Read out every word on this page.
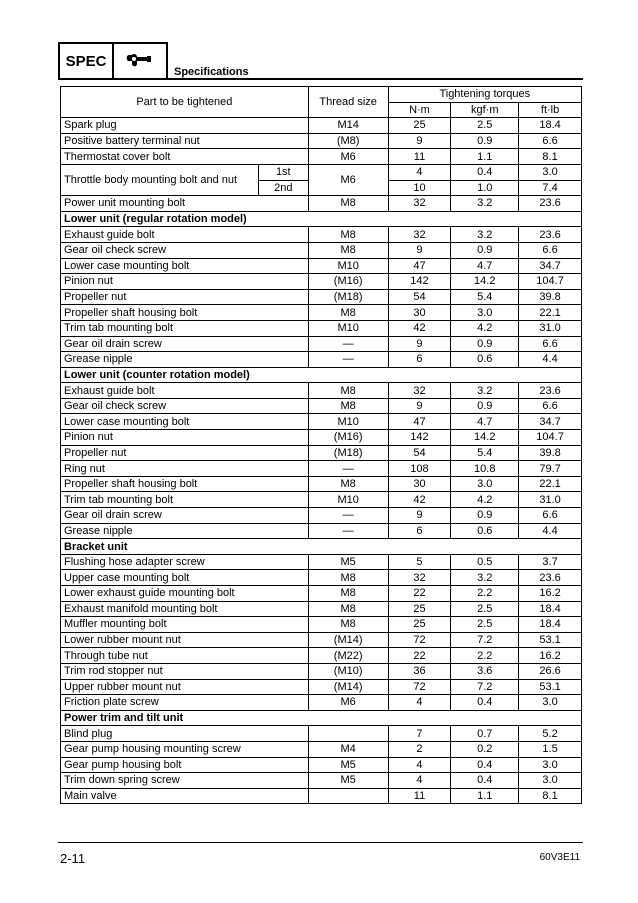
SPEC
Specifications
Part to be tightened		Thread size	Tightening torques		
			N·m	kgf·m	ft·lb
Spark plug		M14	25	2.5	18.4
Positive battery terminal nut		(M8)	9	0.9	6.6
Thermostat cover bolt		M6	11	1.1	8.1
Throttle body mounting bolt and nut	1st	M6	4	0.4	3.0
	2nd		10	1.0	7.4
Power unit mounting bolt		M8	32	3.2	23.6
Lower unit (regular rotation model)					
Exhaust guide bolt		M8	32	3.2	23.6
Gear oil check screw		M8	9	0.9	6.6
Lower case mounting bolt		M10	47	4.7	34.7
Pinion nut		(M16)	142	14.2	104.7
Propeller nut		(M18)	54	5.4	39.8
Propeller shaft housing bolt		M8	30	3.0	22.1
Trim tab mounting bolt		M10	42	4.2	31.0
Gear oil drain screw		—	9	0.9	6.6
Grease nipple		—	6	0.6	4.4
Lower unit (counter rotation model)					
Exhaust guide bolt		M8	32	3.2	23.6
Gear oil check screw		M8	9	0.9	6.6
Lower case mounting bolt		M10	47	4.7	34.7
Pinion nut		(M16)	142	14.2	104.7
Propeller nut		(M18)	54	5.4	39.8
Ring nut		—	108	10.8	79.7
Propeller shaft housing bolt		M8	30	3.0	22.1
Trim tab mounting bolt		M10	42	4.2	31.0
Gear oil drain screw		—	9	0.9	6.6
Grease nipple		—	6	0.6	4.4
Bracket unit					
Flushing hose adapter screw		M5	5	0.5	3.7
Upper case mounting bolt		M8	32	3.2	23.6
Lower exhaust guide mounting bolt		M8	22	2.2	16.2
Exhaust manifold mounting bolt		M8	25	2.5	18.4
Muffler mounting bolt		M8	25	2.5	18.4
Lower rubber mount nut		(M14)	72	7.2	53.1
Through tube nut		(M22)	22	2.2	16.2
Trim rod stopper nut		(M10)	36	3.6	26.6
Upper rubber mount nut		(M14)	72	7.2	53.1
Friction plate screw		M6	4	0.4	3.0
Power trim and tilt unit					
Blind plug			7	0.7	5.2
Gear pump housing mounting screw		M4	2	0.2	1.5
Gear pump housing bolt		M5	4	0.4	3.0
Trim down spring screw		M5	4	0.4	3.0
Main valve			11	1.1	8.1
2-11	60V3E11
